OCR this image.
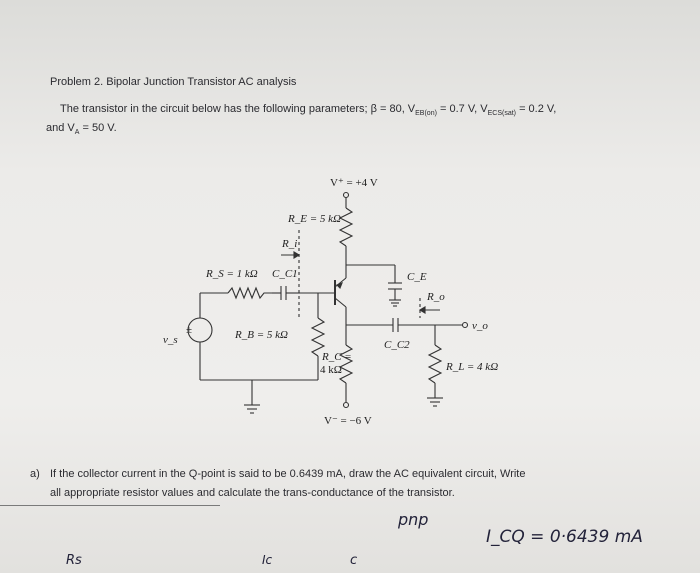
Problem 2. Bipolar Junction Transistor AC analysis
The transistor in the circuit below has the following parameters; β = 80, $V_{EB(on)} = 0.7$ V, $V_{ECS(sat)} = 0.2$ V,
and $V_A = 50$ V.
±
V⁺ = +4 V
R_E = 5 kΩ
R_i
R_S = 1 kΩ C_C1
R_B = 5 kΩ
R_C =
4 kΩ
C_E
R_o
C_C2
R_L = 4 kΩ
v_s
v_o
V⁻ = −6 V
a) If the collector current in the Q-point is said to be 0.6439 mA, draw the AC equivalent circuit, Write
all appropriate resistor values and calculate the trans-conductance of the transistor.
pnp
I_CQ = 0·6439 mA
Rs	Ic	c
